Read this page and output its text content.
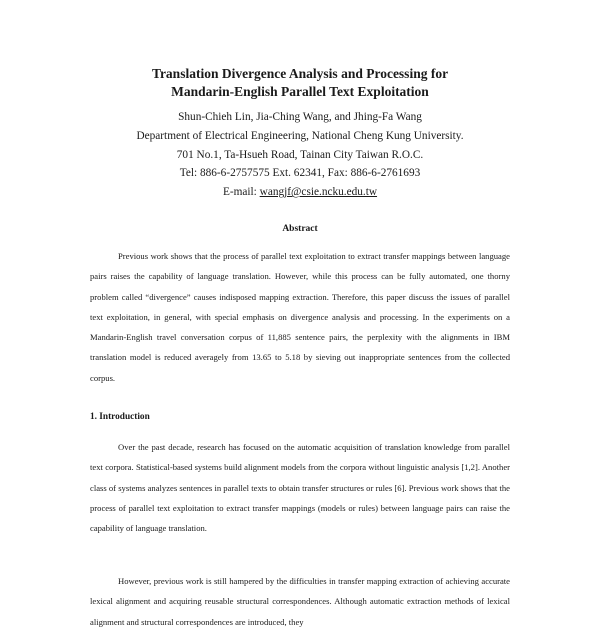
Translation Divergence Analysis and Processing for
Mandarin-English Parallel Text Exploitation
Shun-Chieh Lin, Jia-Ching Wang, and Jhing-Fa Wang
Department of Electrical Engineering, National Cheng Kung University.
701 No.1, Ta-Hsueh Road, Tainan City Taiwan R.O.C.
Tel: 886-6-2757575 Ext. 62341, Fax: 886-6-2761693
E-mail: wangjf@csie.ncku.edu.tw
Abstract

Previous work shows that the process of parallel text exploitation to extract transfer mappings between language pairs raises the capability of language translation. However, while this process can be fully automated, one thorny problem called “divergence” causes indisposed mapping extraction. Therefore, this paper discuss the issues of parallel text exploitation, in general, with special emphasis on divergence analysis and processing. In the experiments on a Mandarin-English travel conversation corpus of 11,885 sentence pairs, the perplexity with the alignments in IBM translation model is reduced averagely from 13.65 to 5.18 by sieving out inappropriate sentences from the collected corpus.

1. Introduction

Over the past decade, research has focused on the automatic acquisition of translation knowledge from parallel text corpora. Statistical-based systems build alignment models from the corpora without linguistic analysis [1,2]. Another class of systems analyzes sentences in parallel texts to obtain transfer structures or rules [6]. Previous work shows that the process of parallel text exploitation to extract transfer mappings (models or rules) between language pairs can raise the capability of language translation.

However, previous work is still hampered by the difficulties in transfer mapping extraction of achieving accurate lexical alignment and acquiring reusable structural correspondences. Although automatic extraction methods of lexical alignment and structural correspondences are introduced, they
